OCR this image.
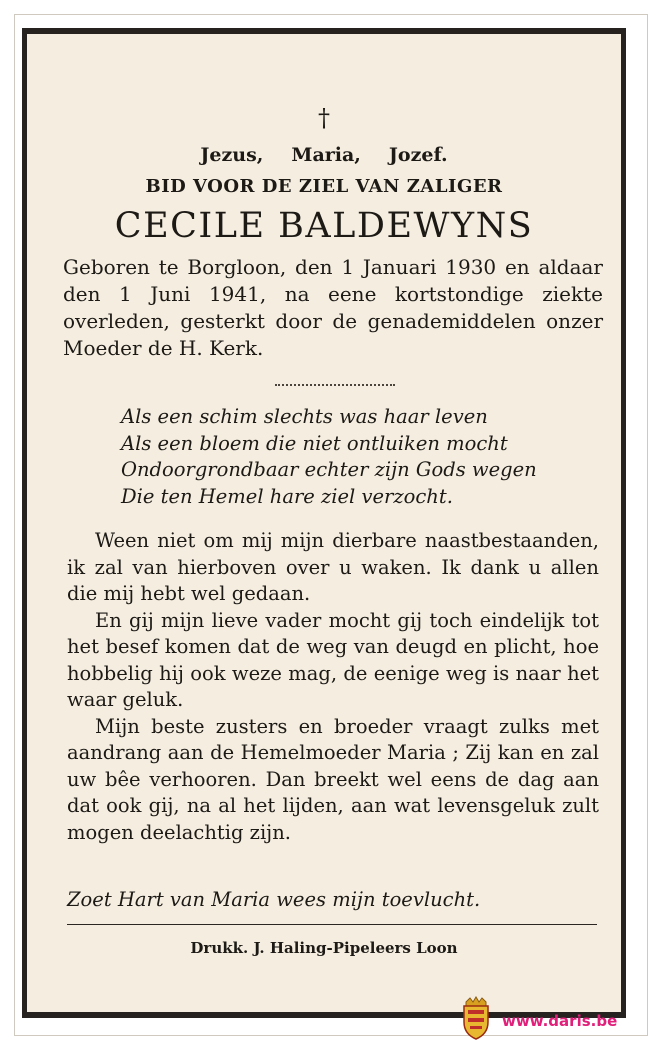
†
Jezus, Maria, Jozef.
BID VOOR DE ZIEL VAN ZALIGER
CECILE BALDEWYNS
Geboren te Borgloon, den 1 Januari 1930 en aldaar den 1 Juni 1941, na eene kortstondige ziekte overleden, gesterkt door de genademiddelen onzer Moeder de H. Kerk.
Als een schim slechts was haar leven
Als een bloem die niet ontluiken mocht
Ondoorgrondbaar echter zijn Gods wegen
Die ten Hemel hare ziel verzocht.

Ween niet om mij mijn dierbare naastbestaanden, ik zal van hierboven over u waken. Ik dank u allen die mij hebt wel gedaan.

En gij mijn lieve vader mocht gij toch eindelijk tot het besef komen dat de weg van deugd en plicht, hoe hobbelig hij ook weze mag, de eenige weg is naar het waar geluk.

Mijn beste zusters en broeder vraagt zulks met aandrang aan de Hemelmoeder Maria ; Zij kan en zal uw bêe verhooren. Dan breekt wel eens de dag aan dat ook gij, na al het lijden, aan wat levensgeluk zult mogen deelachtig zijn.

Zoet Hart van Maria wees mijn toevlucht.
Drukk. J. Haling-Pipeleers Loon
www.daris.be
